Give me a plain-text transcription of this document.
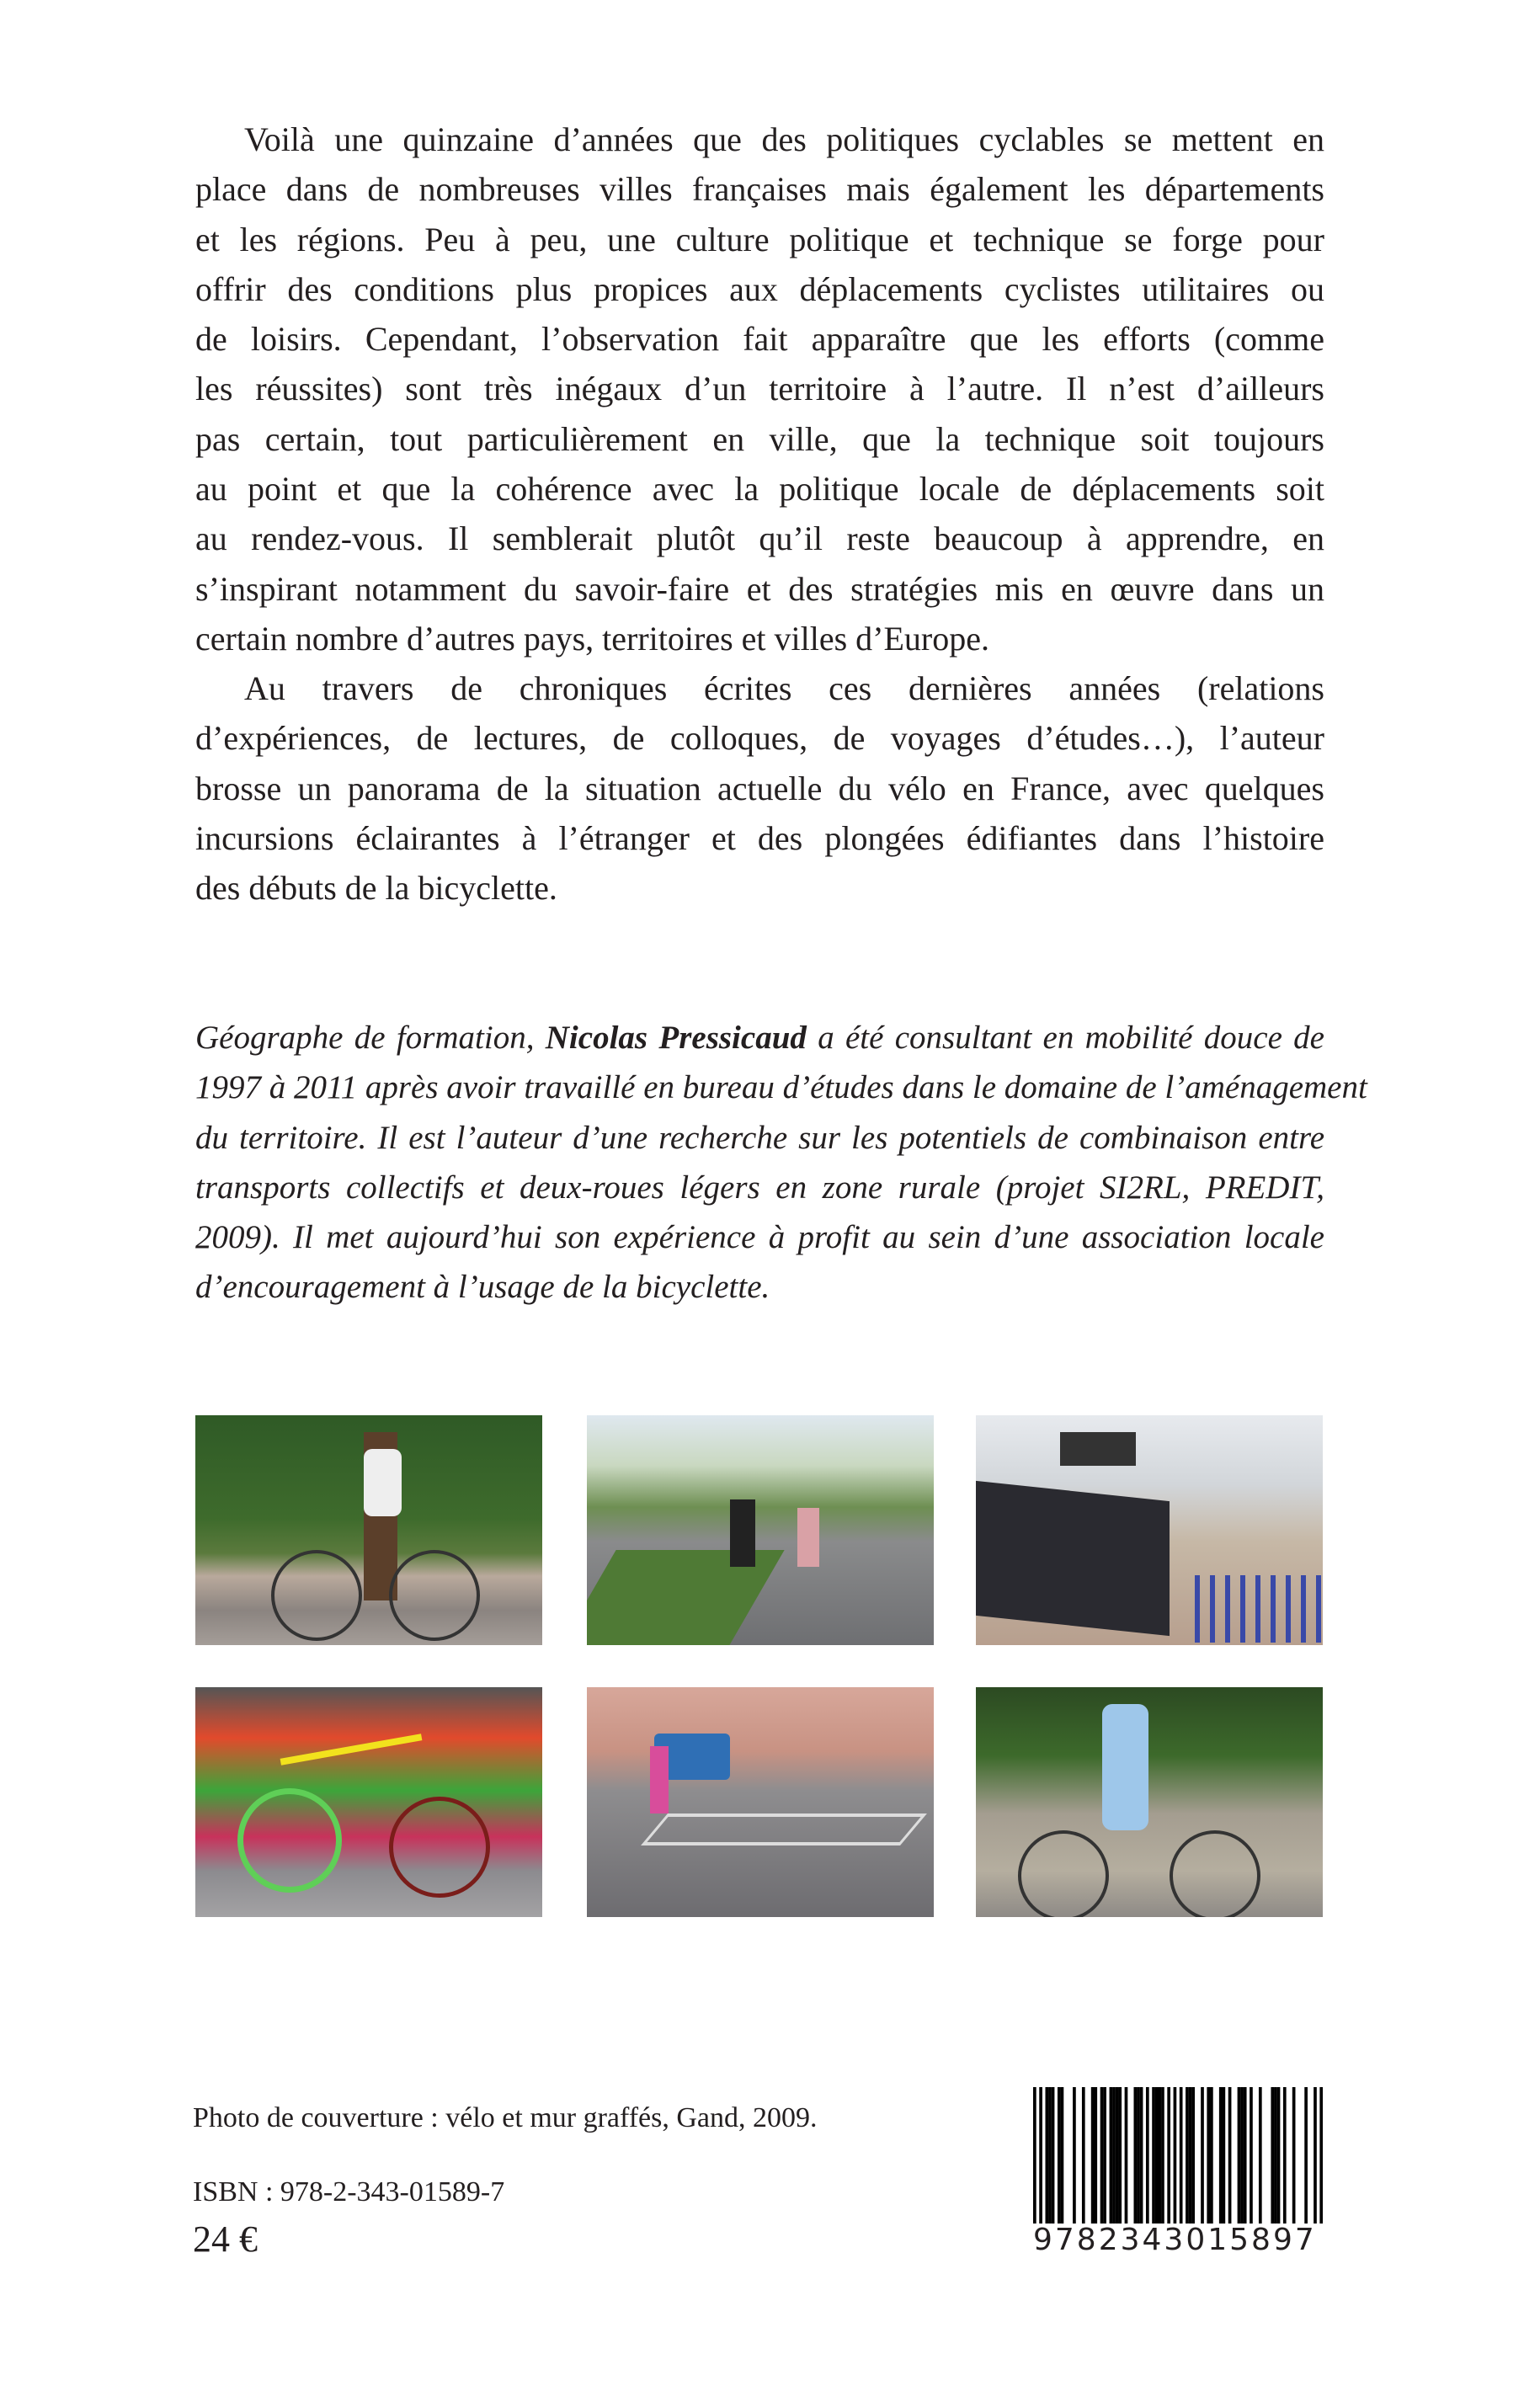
Voilà une quinzaine d’années que des politiques cyclables se mettent en
place dans de nombreuses villes françaises mais également les départements
et les régions. Peu à peu, une culture politique et technique se forge pour
offrir des conditions plus propices aux déplacements cyclistes utilitaires ou
de loisirs. Cependant, l’observation fait apparaître que les efforts (comme
les réussites) sont très inégaux d’un territoire à l’autre. Il n’est d’ailleurs
pas certain, tout particulièrement en ville, que la technique soit toujours
au point et que la cohérence avec la politique locale de déplacements soit
au rendez-vous. Il semblerait plutôt qu’il reste beaucoup à apprendre, en
s’inspirant notamment du savoir-faire et des stratégies mis en œuvre dans un
certain nombre d’autres pays, territoires et villes d’Europe.
Au travers de chroniques écrites ces dernières années (relations
d’expériences, de lectures, de colloques, de voyages d’études…), l’auteur
brosse un panorama de la situation actuelle du vélo en France, avec quelques
incursions éclairantes à l’étranger et des plongées édifiantes dans l’histoire
des débuts de la bicyclette.
Géographe de formation, Nicolas Pressicaud a été consultant en mobilité douce de
1997 à 2011 après avoir travaillé en bureau d’études dans le domaine de l’aménagement
du territoire. Il est l’auteur d’une recherche sur les potentiels de combinaison entre
transports collectifs et deux-roues légers en zone rurale (projet SI2RL, PREDIT,
2009). Il met aujourd’hui son expérience à profit au sein d’une association locale
d’encouragement à l’usage de la bicyclette.
Photo de couverture : vélo et mur graffés, Gand, 2009.
ISBN : 978-2-343-01589-7
24 €	9782343015897
